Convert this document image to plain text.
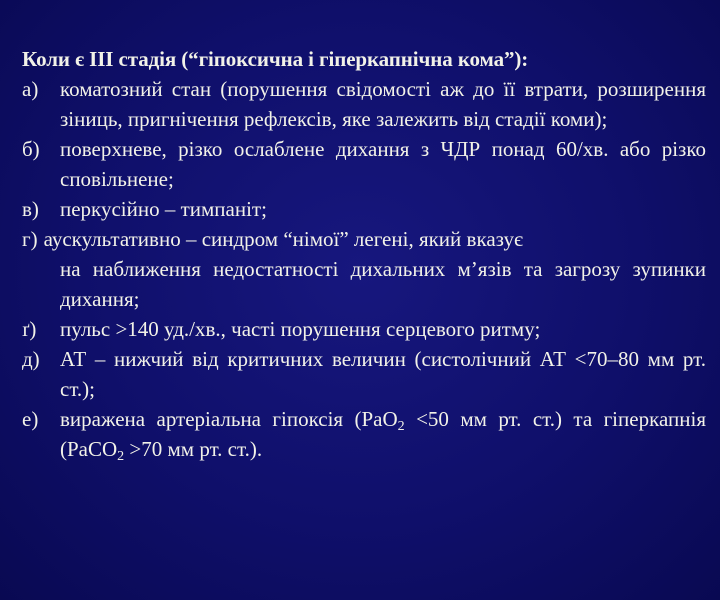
Коли є ІІІ стадія (“гіпоксична і гіперкапнічна кома”):
а)	коматозний стан (порушення свідомості аж до її втрати, розширення зіниць, пригнічення рефлексів, яке залежить від стадії коми);
б) поверхневе, різко ослаблене дихання з ЧДР понад 60/хв. або різко сповільнене;
в)	перкусійно – тимпаніт;
г) аускультативно – синдром “німої” легені, який вказує
на наближення недостатності дихальних м’язів та загрозу зупинки дихання;
ґ)	пульс >140 уд./хв., часті порушення серцевого ритму;
д) АТ – нижчий від критичних величин (систолічний АТ <70–80 мм рт. ст.);
е)	виражена артеріальна гіпоксія (РаО$_2$ <50 мм рт. ст.) та гіперкапнія (РаСО$_2$ >70 мм рт. ст.).
